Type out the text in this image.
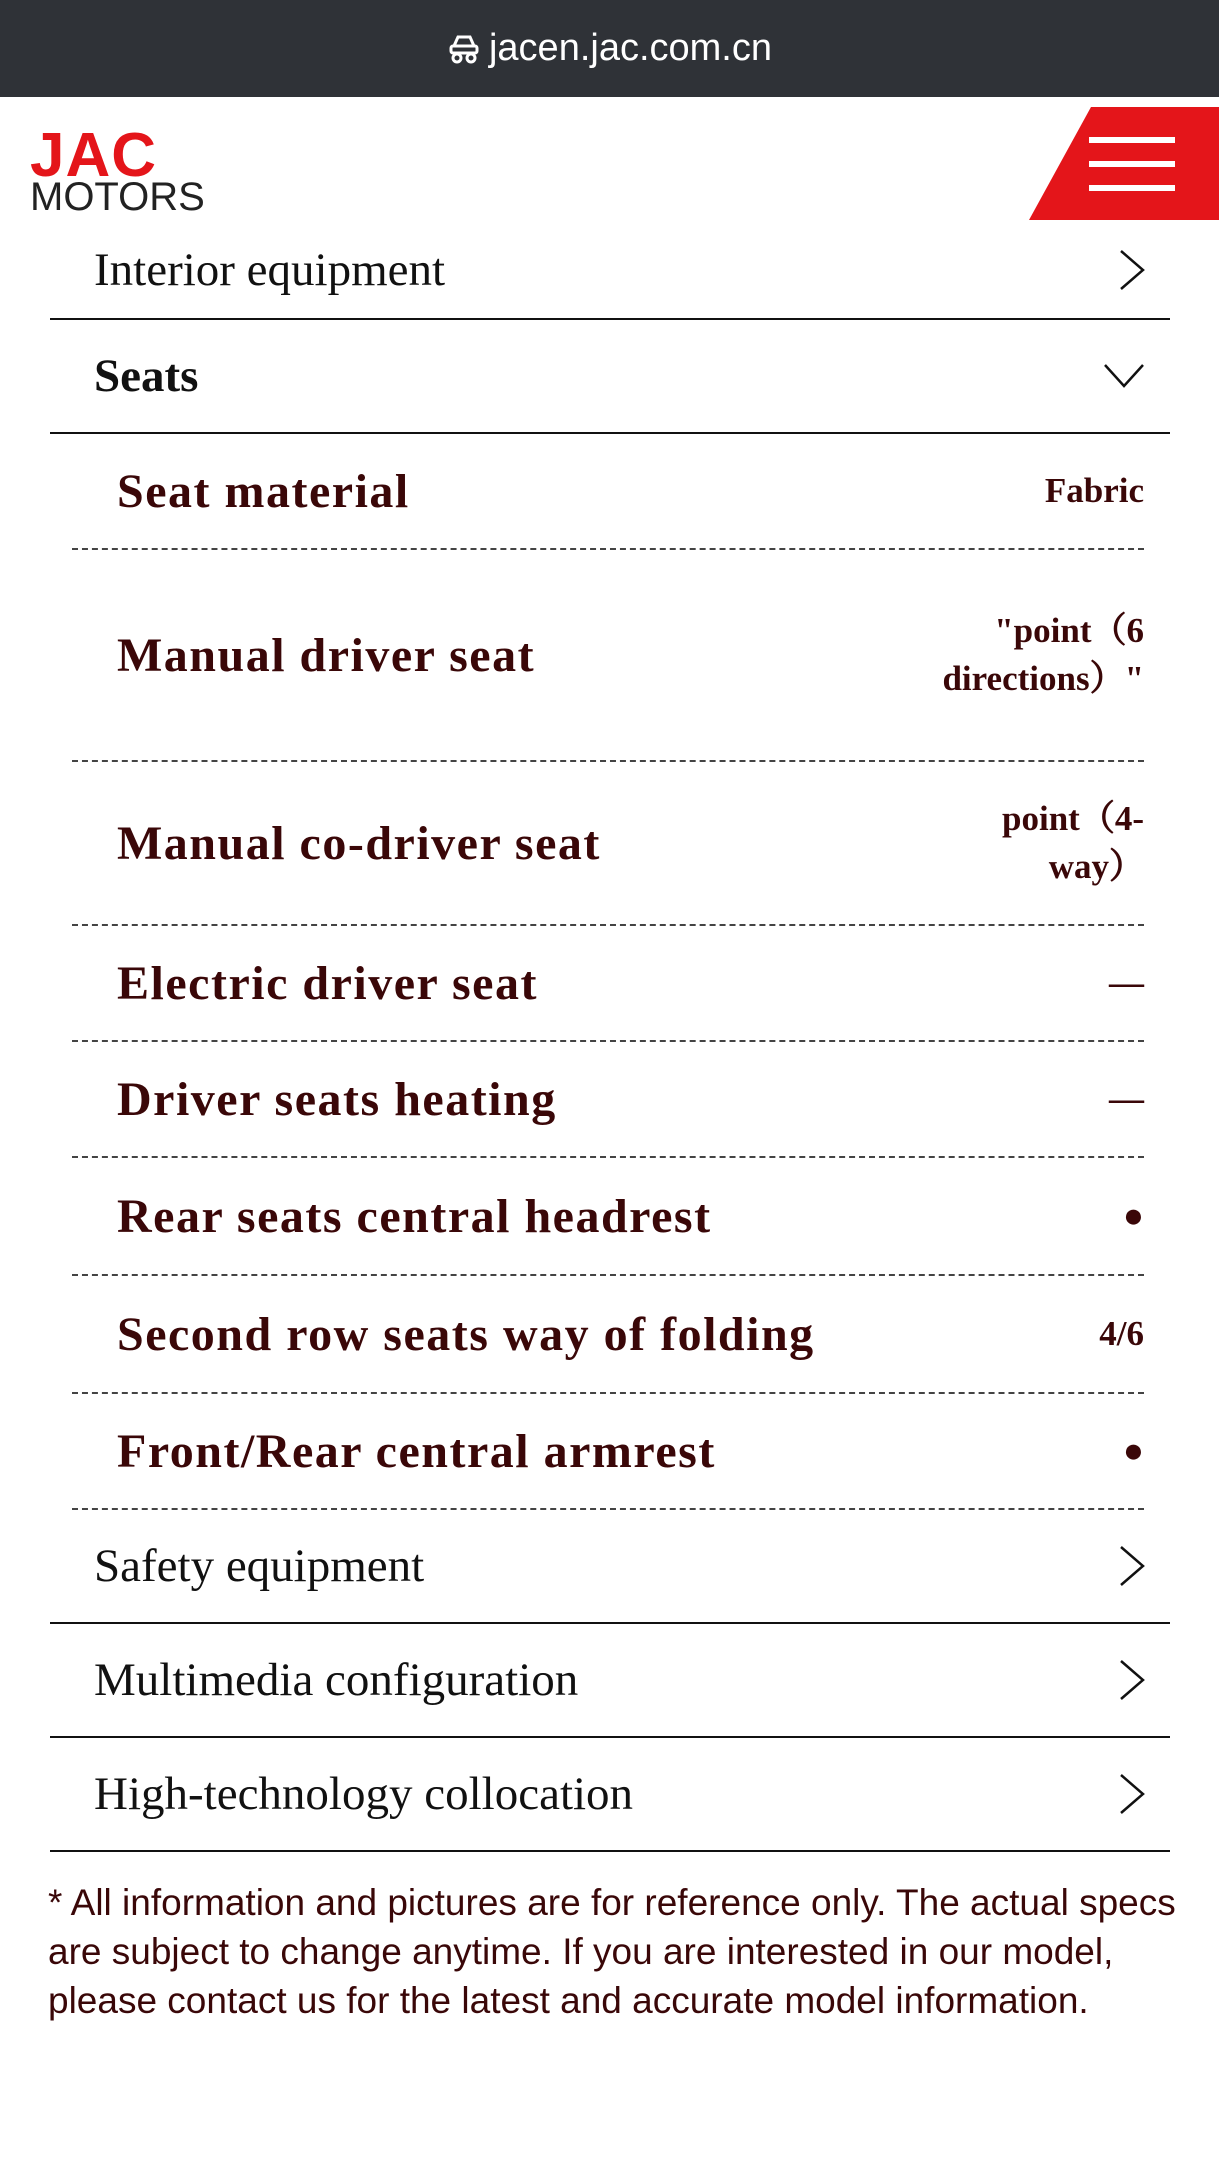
jacen.jac.com.cn
JAC
MOTORS
Interior equipment
Seats
Seat material	Fabric
Manual driver seat	"point（6 directions）"
Manual co-driver seat	point（4-way）
Electric driver seat	—
Driver seats heating	—
Rear seats central headrest	●
Second row seats way of folding	4/6
Front/Rear central armrest	●
Safety equipment
Multimedia configuration
High-technology collocation
* All information and pictures are for reference only. The actual specs are subject to change anytime. If you are interested in our model, please contact us for the latest and accurate model information.
